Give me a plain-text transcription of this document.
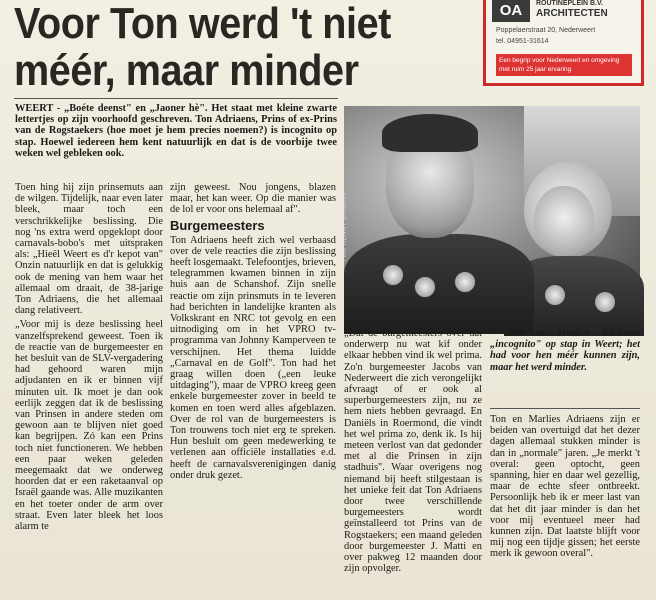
Voor Ton werd 't niet
méér, maar minder
OA	ROUTINEPLEIN B.V.
ARCHITECTEN
Poppelaerstraat 20, Nederweert
tel. 04951-31614
Een begrip voor Nederweert en omgeving met ruim 25 jaar ervaring
WEERT - „Boéte deenst" en „Jaoner hè". Het staat met kleine zwarte lettertjes op zijn voorhoofd geschreven. Ton Adriaens, Prins of ex-Prins van de Rogstaekers (hoe moet je hem precies noemen?) is incognito op stap. Hoewel iedereen hem kent natuurlijk en dat is de voorbije twee weken wel gebleken ook.

Toen hing hij zijn prinsemuts aan de wilgen. Tijdelijk, naar even later bleek, maar toch een verschrikkelijke beslissing. Die nog 'ns extra werd opgeklopt door carnavals-bobo's met uitspraken als: „Hieël Weert es d'r kepot van" Onzin natuurlijk en dat is gelukkig ook de mening van hem waar het allemaal om draait, de 38-jarige Ton Adriaens, die het allemaal dang relativeert.

„Voor mij is deze beslissing heel vanzelfsprekend geweest. Toen ik de reactie van de burgemeester en het besluit van de SLV-vergadering had gehoord waren mijn adjudanten en ik er binnen vijf minuten uit. Ik moet je dan ook eerlijk zeggen dat ik de beslissing van Prinsen in andere steden om gewoon aan te blijven niet goed kan begrijpen. Zó kan een Prins toch niet functioneren. We hebben een paar weken geleden meegemaakt dat we onderweg hoorden dat er een raketaanval op Israël gaande was. Alle muzikanten en het toeter onder de arm over straat. Even later bleek het loos alarm te

zijn geweest. Nou jongens, blazen maar, het kan weer. Op die manier was de lol er voor ons helemaal af".

Burgemeesters

Ton Adriaens heeft zich wel verbaasd over de vele reacties die zijn beslissing heeft losgemaakt. Telefoontjes, brieven, telegrammen kwamen binnen in zijn huis aan de Schanshof. Zijn snelle reactie om zijn prinsmuts in te leveren had berichten in landelijke kranten als Volkskrant en NRC tot gevolg en een uitnodiging om in het VPRO tv-programma van Johnny Kamperveen te verschijnen. Het thema luidde „Carnaval en de Golf". Ton had het graag willen doen („een leuke uitdaging"), maar de VPRO kreeg geen enkele burgemeester zover in beeld te komen en toen werd alles afgeblazen. Over de rol van de burgemeesters is Ton trouwens toch niet erg te spreken. Hun besluit om geen medewerking te verlenen aan officiële installaties e.d. heeft de carnavalsverenigingen danig onder druk gezet.

Foto HENNY EKKERS
„Dat de burgemeesters over dat onderwerp nu wat kif onder elkaar hebben vind ik wel prima. Zo'n burgemeester Jacobs van Nederweert die zich verongelijkt afvraagt of er ook al superburgemeesters zijn, nu ze hem niets hebben gevraagd. En Daniëls in Roermond, die vindt het wel prima zo, denk ik. Is hij meteen verlost van dat gedonder met al die Prinsen in zijn stadhuis". Waar overigens nog niemand bij heeft stilgestaan is het unieke feit dat Ton Adriaens door twee verschillende burgemeesters wordt geïnstalleerd tot Prins van de Rogstaekers; een maand geleden door burgemeester J. Matti en over pakweg 12 maanden door zijn opvolger.
* Ton en Marlies Adriaens „incognito" op stap in Weert; het had voor hen méér kunnen zijn, maar het werd minder.
Ton en Marlies Adriaens zijn er beiden van overtuigd dat het dezer dagen allemaal stukken minder is dan in „normale" jaren. „Je merkt 't overal: geen optocht, geen spanning, hier en daar wel gezellig, maar de echte sfeer ontbreekt. Persoonlijk heb ik er meer last van dat het dit jaar minder is dan het voor mij eventueel meer had kunnen zijn. Dat laatste blijft voor mij nog een tijdje gissen; het eerste merk ik gewoon overal".
